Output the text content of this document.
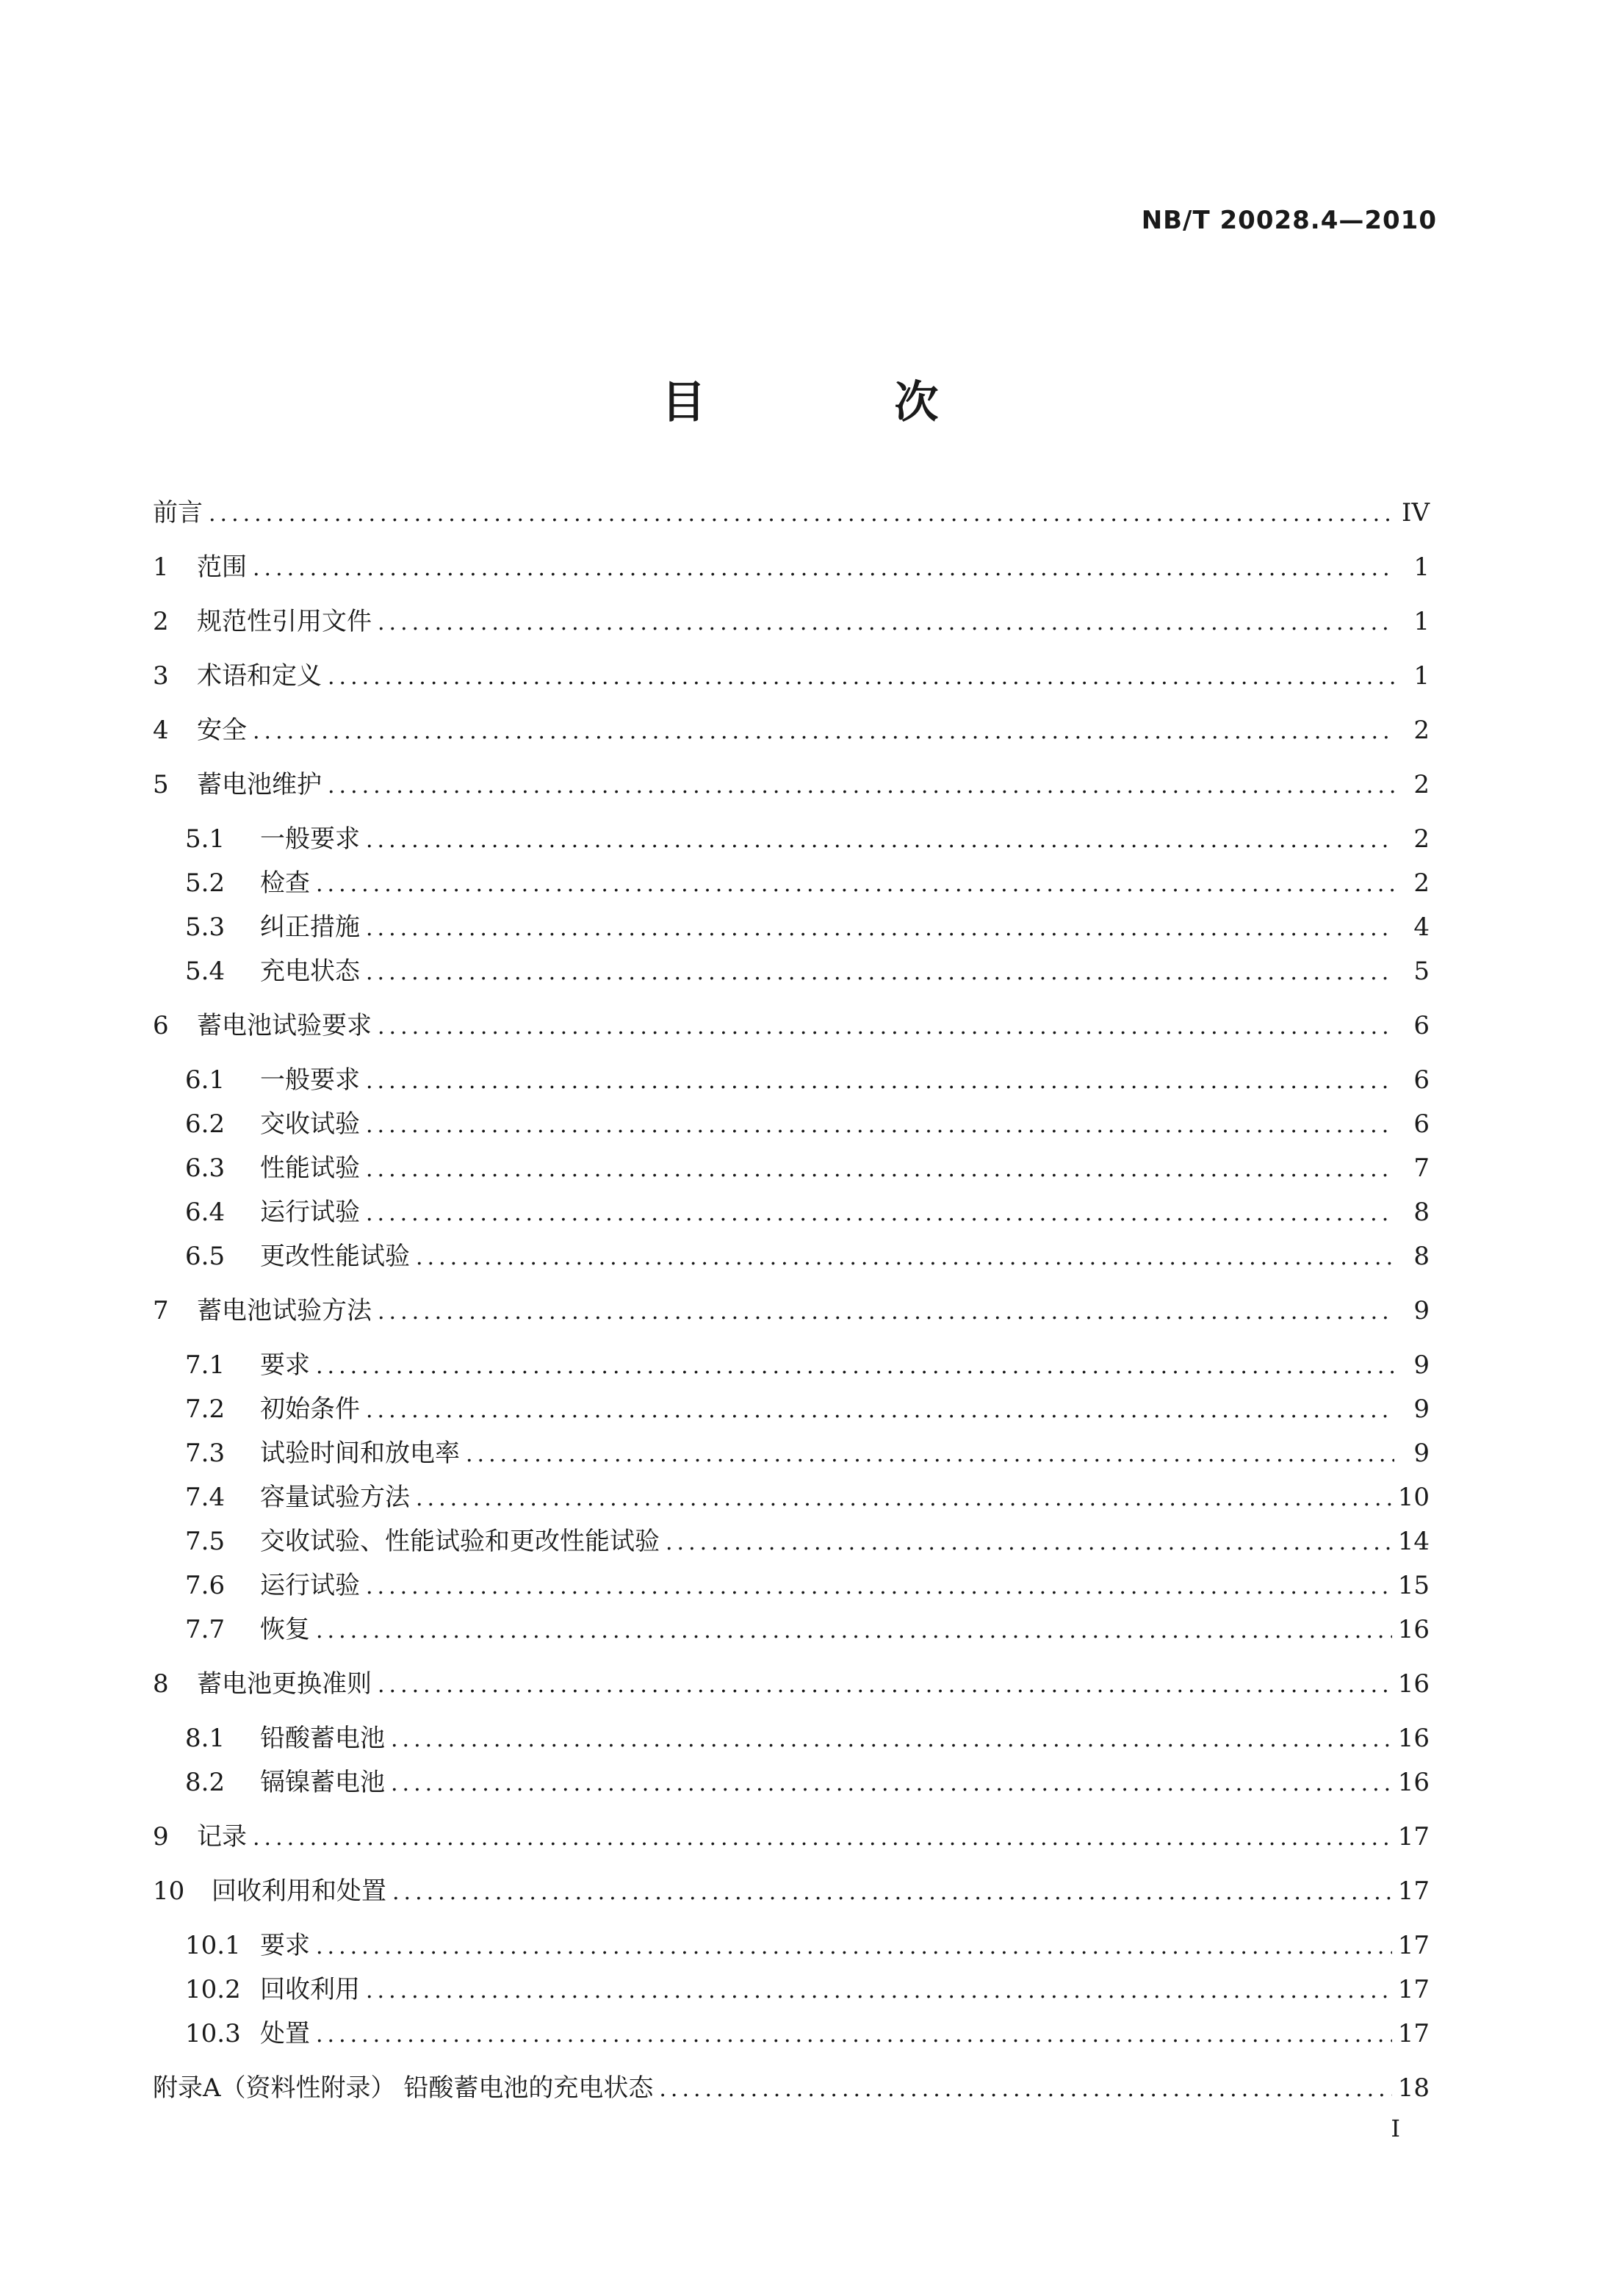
NB/T 20028.4—2010
目 次
前言 .....	IV
1	范围 .....	1
2	规范性引用文件 .....	1
3	术语和定义 .....	1
4	安全 .....	2
5	蓄电池维护 .....	2
5.1	一般要求 .....	2
5.2	检查 .....	2
5.3	纠正措施 .....	4
5.4	充电状态 .....	5
6	蓄电池试验要求 .....	6
6.1	一般要求 .....	6
6.2	交收试验 .....	6
6.3	性能试验 .....	7
6.4	运行试验 .....	8
6.5	更改性能试验 .....	8
7	蓄电池试验方法 .....	9
7.1	要求 .....	9
7.2	初始条件 .....	9
7.3	试验时间和放电率 .....	9
7.4	容量试验方法 .....	10
7.5	交收试验、性能试验和更改性能试验 .....	14
7.6	运行试验 .....	15
7.7	恢复 .....	16
8	蓄电池更换准则 .....	16
8.1	铅酸蓄电池 .....	16
8.2	镉镍蓄电池 .....	16
9	记录 .....	17
10	回收利用和处置 .....	17
10.1 要求 .....	17
10.2 回收利用 .....	17
10.3 处置 .....	17
附录A（资料性附录） 铅酸蓄电池的充电状态 .....	18
I
